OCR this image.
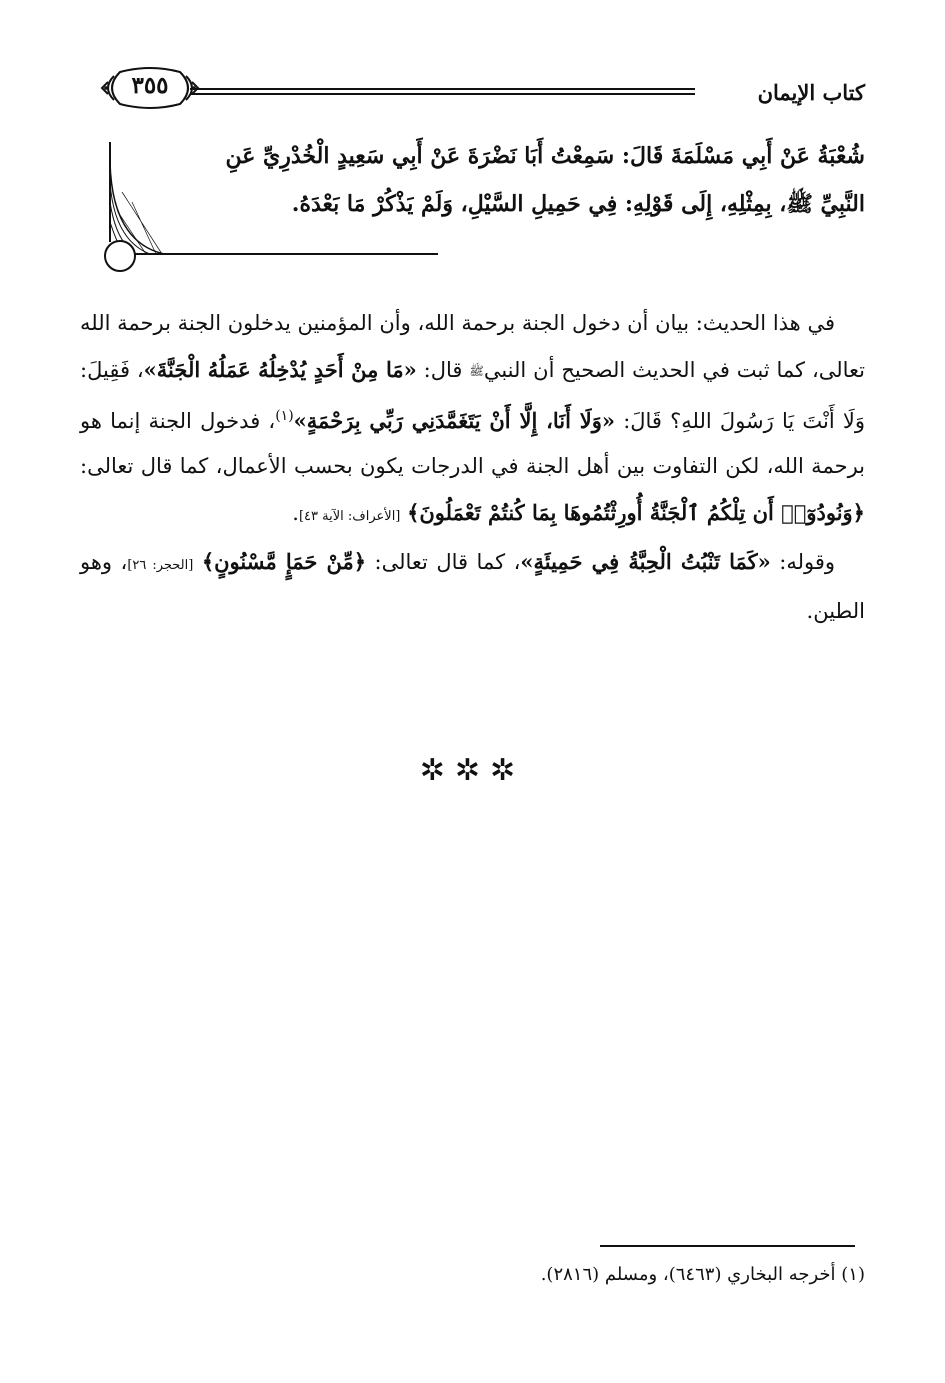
كتاب الإيمان
٣٥٥
شُعْبَةُ عَنْ أَبِي مَسْلَمَةَ قَالَ: سَمِعْتُ أَبَا نَضْرَةَ عَنْ أَبِي سَعِيدٍ الْخُدْرِيِّ عَنِ
النَّبِيِّ ﷺ، بِمِثْلِهِ، إِلَى قَوْلِهِ: فِي حَمِيلِ السَّيْلِ، وَلَمْ يَذْكُرْ مَا بَعْدَهُ.

في هذا الحديث: بيان أن دخول الجنة برحمة الله، وأن المؤمنين يدخلون الجنة برحمة الله تعالى، كما ثبت في الحديث الصحيح أن النبيﷺ قال: «مَا مِنْ أَحَدٍ يُدْخِلُهُ عَمَلُهُ الْجَنَّةَ»، فَقِيلَ: وَلَا أَنْتَ يَا رَسُولَ اللهِ؟ قَالَ: «وَلَا أَنَا، إِلَّا أَنْ يَتَغَمَّدَنِي رَبِّي بِرَحْمَةٍ»$^{(١)}$، فدخول الجنة إنما هو برحمة الله، لكن التفاوت بين أهل الجنة في الدرجات يكون بحسب الأعمال، كما قال تعالى: ﴿وَنُودُوٓا۟ أَن تِلْكُمُ ٱلْجَنَّةُ أُورِثْتُمُوهَا بِمَا كُنتُمْ تَعْمَلُونَ﴾ [الأعراف: الآية ٤٣].

وقوله: «كَمَا تَنْبُتُ الْحِبَّةُ فِي حَمِيئَةٍ»، كما قال تعالى: ﴿مِّنْ حَمَإٍ مَّسْنُونٍ﴾ [الحجر: ٢٦]، وهو الطين.

✲✲✲
(١) أخرجه البخاري (٦٤٦٣)، ومسلم (٢٨١٦).
